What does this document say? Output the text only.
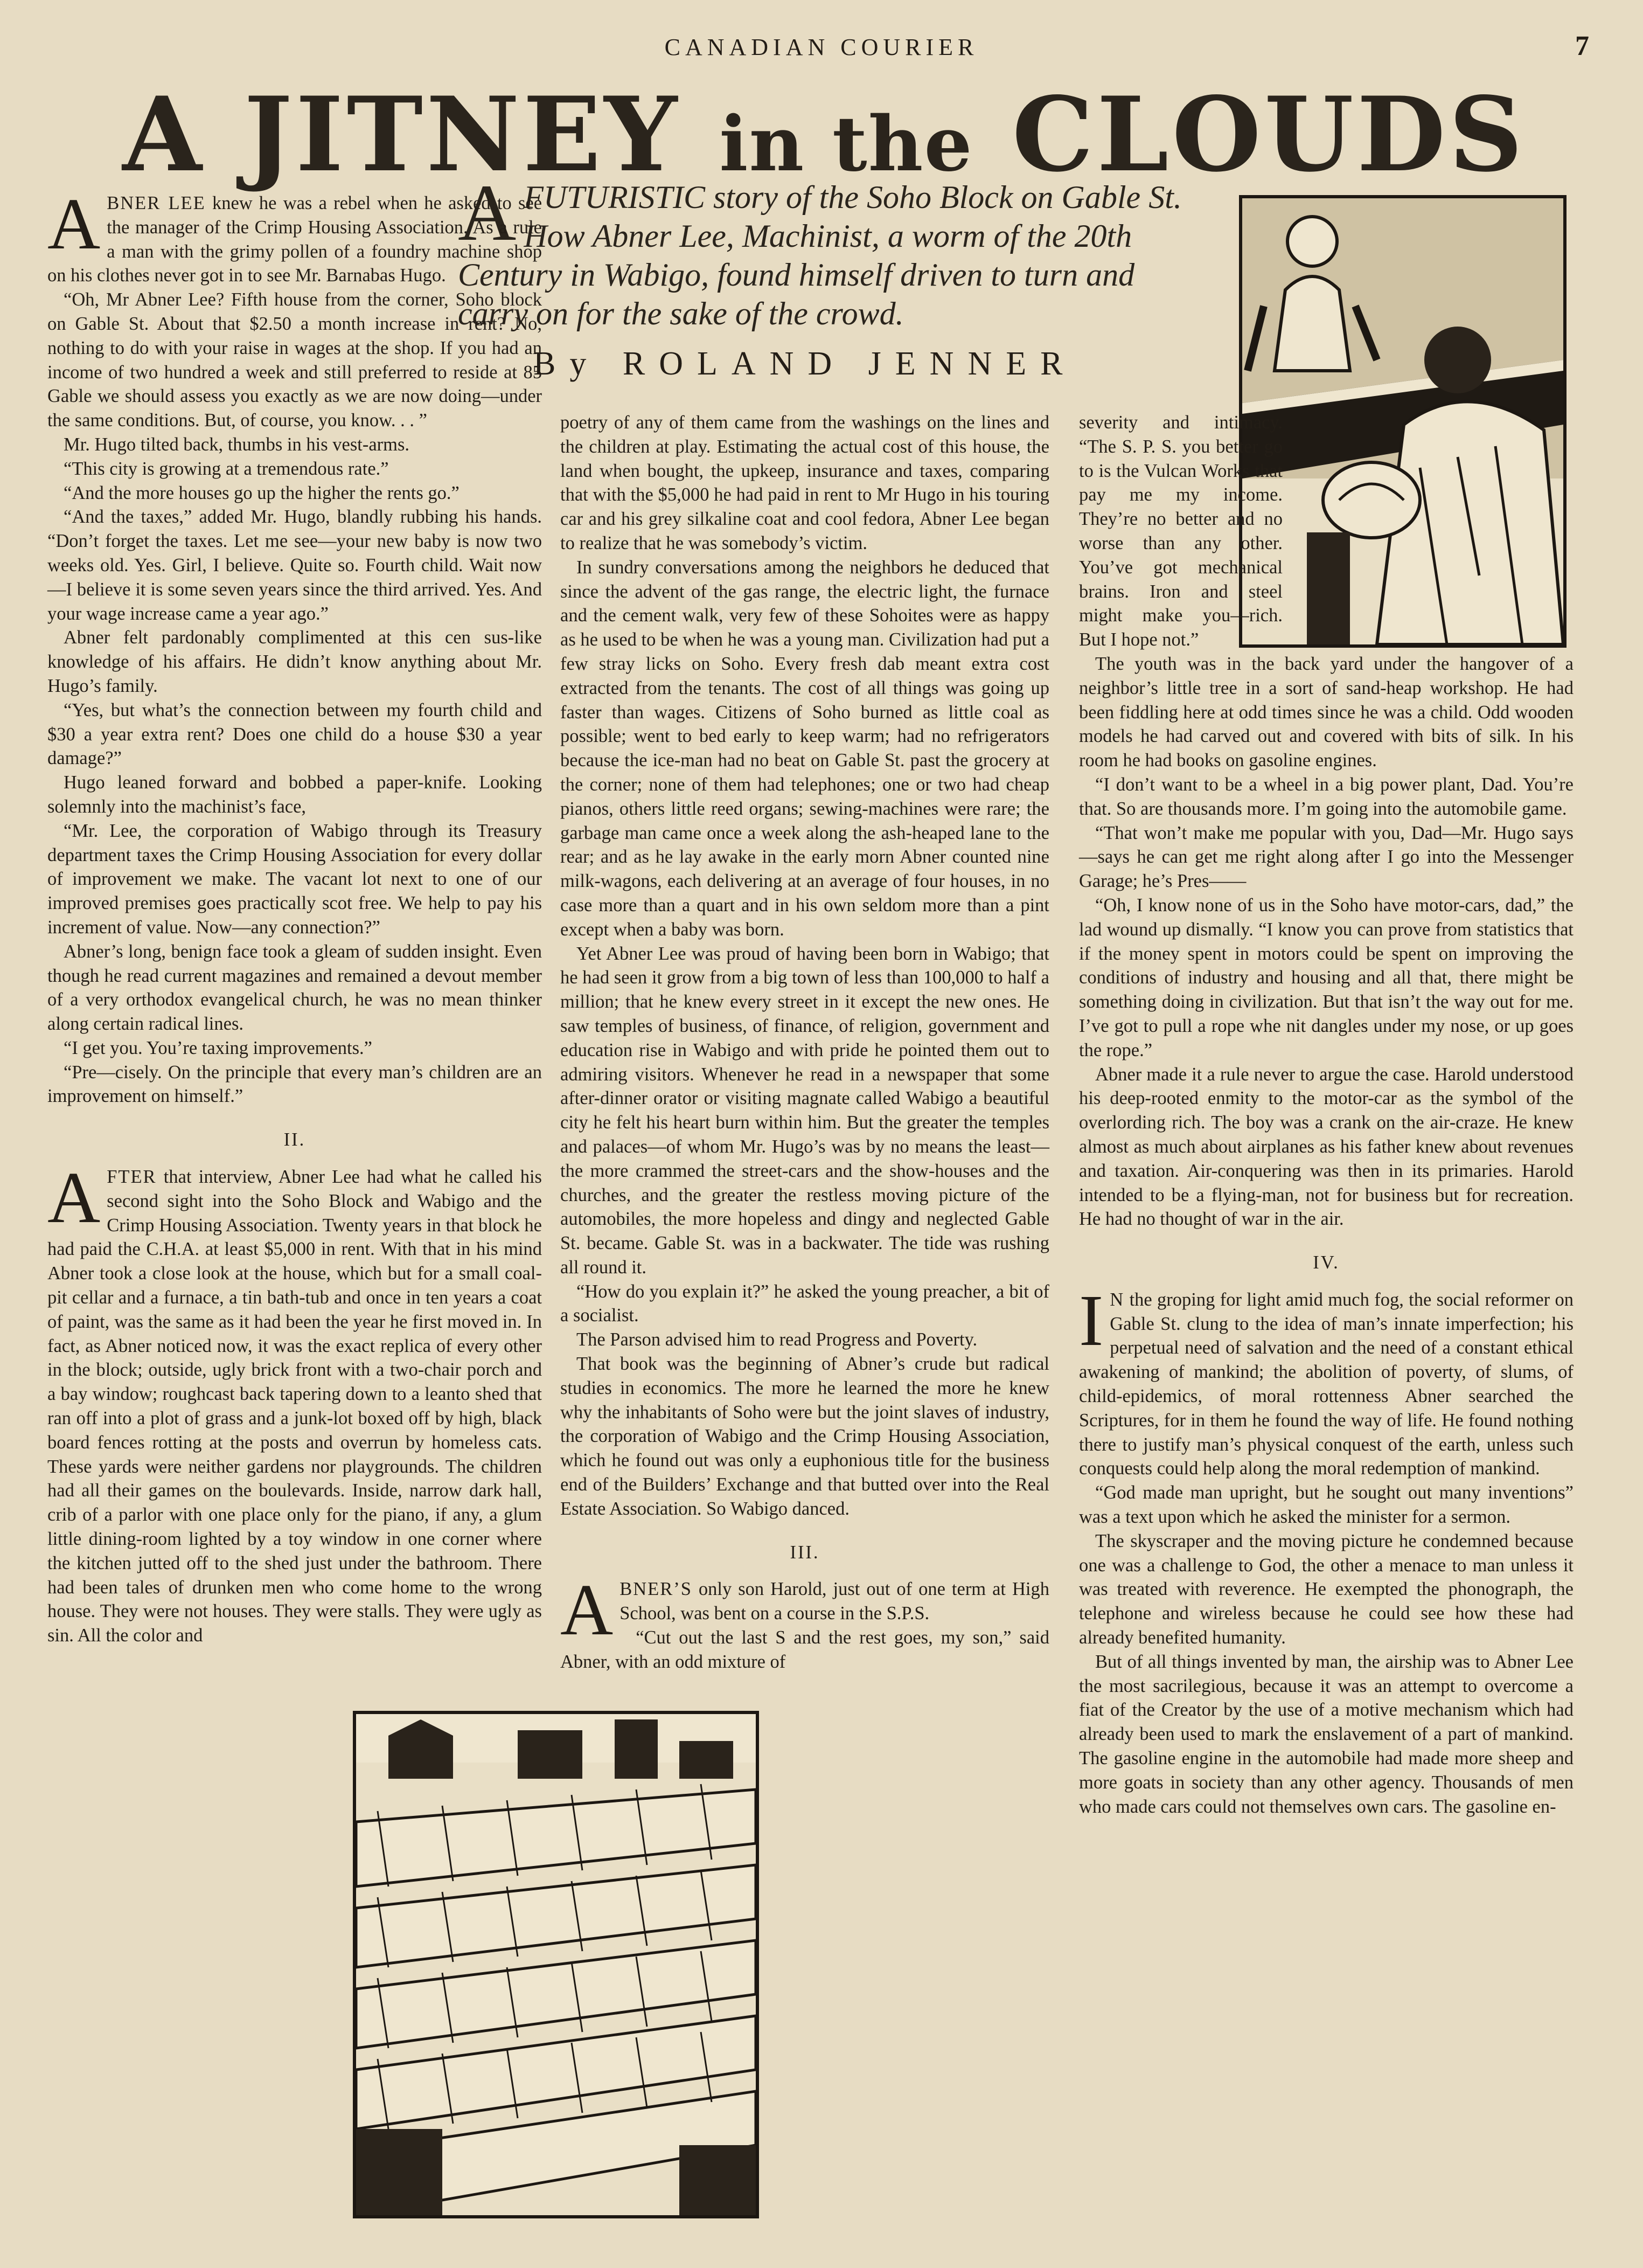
CANADIAN COURIER	7
A JITNEY in the CLOUDS
AFUTURISTIC story of the Soho Block on Gable St. How Abner Lee, Machinist, a worm of the 20th Century in Wabigo, found himself driven to turn and carry on for the sake of the crowd.
By ROLAND JENNER

ABNER LEE knew he was a rebel when he asked to see the manager of the Crimp Housing Association. As a rule a man with the grimy pollen of a foundry machine shop on his clothes never got in to see Mr. Barnabas Hugo.

“Oh, Mr Abner Lee? Fifth house from the corner, Soho block on Gable St. About that $2.50 a month increase in rent? No, nothing to do with your raise in wages at the shop. If you had an income of two hundred a week and still preferred to reside at 85 Gable we should assess you exactly as we are now doing—under the same conditions. But, of course, you know. . . ”

Mr. Hugo tilted back, thumbs in his vest-arms.

“This city is growing at a tremendous rate.”

“And the more houses go up the higher the rents go.”

“And the taxes,” added Mr. Hugo, blandly rubbing his hands. “Don’t forget the taxes. Let me see—your new baby is now two weeks old. Yes. Girl, I believe. Quite so. Fourth child. Wait now—I believe it is some seven years since the third arrived. Yes. And your wage increase came a year ago.”

Abner felt pardonably complimented at this cen sus-like knowledge of his affairs. He didn’t know anything about Mr. Hugo’s family.

“Yes, but what’s the connection between my fourth child and $30 a year extra rent? Does one child do a house $30 a year damage?”

Hugo leaned forward and bobbed a paper-knife. Looking solemnly into the machinist’s face,

“Mr. Lee, the corporation of Wabigo through its Treasury department taxes the Crimp Housing Association for every dollar of improvement we make. The vacant lot next to one of our improved premises goes practically scot free. We help to pay his increment of value. Now—any connection?”

Abner’s long, benign face took a gleam of sudden insight. Even though he read current magazines and remained a devout member of a very orthodox evangelical church, he was no mean thinker along certain radical lines.

“I get you. You’re taxing improvements.”

“Pre—cisely. On the principle that every man’s children are an improvement on himself.”

II.

AFTER that interview, Abner Lee had what he called his second sight into the Soho Block and Wabigo and the Crimp Housing Association. Twenty years in that block he had paid the C.H.A. at least $5,000 in rent. With that in his mind Abner took a close look at the house, which but for a small coal-pit cellar and a furnace, a tin bath-tub and once in ten years a coat of paint, was the same as it had been the year he first moved in. In fact, as Abner noticed now, it was the exact replica of every other in the block; outside, ugly brick front with a two-chair porch and a bay window; roughcast back tapering down to a leanto shed that ran off into a plot of grass and a junk-lot boxed off by high, black board fences rotting at the posts and overrun by homeless cats. These yards were neither gardens nor playgrounds. The children had all their games on the boulevards. Inside, narrow dark hall, crib of a parlor with one place only for the piano, if any, a glum little dining-room lighted by a toy window in one corner where the kitchen jutted off to the shed just under the bathroom. There had been tales of drunken men who come home to the wrong house. They were not houses. They were stalls. They were ugly as sin. All the color and

poetry of any of them came from the washings on the lines and the children at play. Estimating the actual cost of this house, the land when bought, the upkeep, insurance and taxes, comparing that with the $5,000 he had paid in rent to Mr Hugo in his touring car and his grey silkaline coat and cool fedora, Abner Lee began to realize that he was somebody’s victim.

In sundry conversations among the neighbors he deduced that since the advent of the gas range, the electric light, the furnace and the cement walk, very few of these Sohoites were as happy as he used to be when he was a young man. Civilization had put a few stray licks on Soho. Every fresh dab meant extra cost extracted from the tenants. The cost of all things was going up faster than wages. Citizens of Soho burned as little coal as possible; went to bed early to keep warm; had no refrigerators because the ice-man had no beat on Gable St. past the grocery at the corner; none of them had telephones; one or two had cheap pianos, others little reed organs; sewing-machines were rare; the garbage man came once a week along the ash-heaped lane to the rear; and as he lay awake in the early morn Abner counted nine milk-wagons, each delivering at an average of four houses, in no case more than a quart and in his own seldom more than a pint except when a baby was born.

Yet Abner Lee was proud of having been born in Wabigo; that he had seen it grow from a big town of less than 100,000 to half a million; that he knew every street in it except the new ones. He saw temples of business, of finance, of religion, government and education rise in Wabigo and with pride he pointed them out to admiring visitors. Whenever he read in a newspaper that some after-dinner orator or visiting magnate called Wabigo a beautiful city he felt his heart burn within him. But the greater the temples and palaces—of whom Mr. Hugo’s was by no means the least—the more crammed the street-cars and the show-houses and the churches, and the greater the restless moving picture of the automobiles, the more hopeless and dingy and neglected Gable St. became. Gable St. was in a backwater. The tide was rushing all round it.

“How do you explain it?” he asked the young preacher, a bit of a socialist.

The Parson advised him to read Progress and Poverty.

That book was the beginning of Abner’s crude but radical studies in economics. The more he learned the more he knew why the inhabitants of Soho were but the joint slaves of industry, the corporation of Wabigo and the Crimp Housing Association, which he found out was only a euphonious title for the business end of the Builders’ Exchange and that butted over into the Real Estate Association. So Wabigo danced.

III.

ABNER’S only son Harold, just out of one term at High School, was bent on a course in the S.P.S.

“Cut out the last S and the rest goes, my son,” said Abner, with an odd mixture of

severity and intimacy. “The S. P. S. you better go to is the Vulcan Works that pay me my income. They’re no better and no worse than any other. You’ve got mechanical brains. Iron and steel might make you—rich. But I hope not.”

The youth was in the back yard under the hangover of a neighbor’s little tree in a sort of sand-heap workshop. He had been fiddling here at odd times since he was a child. Odd wooden models he had carved out and covered with bits of silk. In his room he had books on gasoline engines.

“I don’t want to be a wheel in a big power plant, Dad. You’re that. So are thousands more. I’m going into the automobile game.

“That won’t make me popular with you, Dad—Mr. Hugo says—says he can get me right along after I go into the Messenger Garage; he’s Pres——

“Oh, I know none of us in the Soho have motor-cars, dad,” the lad wound up dismally. “I know you can prove from statistics that if the money spent in motors could be spent on improving the conditions of industry and housing and all that, there might be something doing in civilization. But that isn’t the way out for me. I’ve got to pull a rope whe nit dangles under my nose, or up goes the rope.”

Abner made it a rule never to argue the case. Harold understood his deep-rooted enmity to the motor-car as the symbol of the overlording rich. The boy was a crank on the air-craze. He knew almost as much about airplanes as his father knew about revenues and taxation. Air-conquering was then in its primaries. Harold intended to be a flying-man, not for business but for recreation. He had no thought of war in the air.

IV.

I N the groping for light amid much fog, the social reformer on Gable St. clung to the idea of man’s innate imperfection; his perpetual need of salvation and the need of a constant ethical awakening of mankind; the abolition of poverty, of slums, of child-epidemics, of moral rottenness Abner searched the Scriptures, for in them he found the way of life. He found nothing there to justify man’s physical conquest of the earth, unless such conquests could help along the moral redemption of mankind.

“God made man upright, but he sought out many inventions” was a text upon which he asked the minister for a sermon.

The skyscraper and the moving picture he condemned because one was a challenge to God, the other a menace to man unless it was treated with reverence. He exempted the phonograph, the telephone and wireless because he could see how these had already benefited humanity.

But of all things invented by man, the airship was to Abner Lee the most sacrilegious, because it was an attempt to overcome a fiat of the Creator by the use of a motive mechanism which had already been used to mark the enslavement of a part of mankind. The gasoline engine in the automobile had made more sheep and more goats in society than any other agency. Thousands of men who made cars could not themselves own cars. The gasoline en-
